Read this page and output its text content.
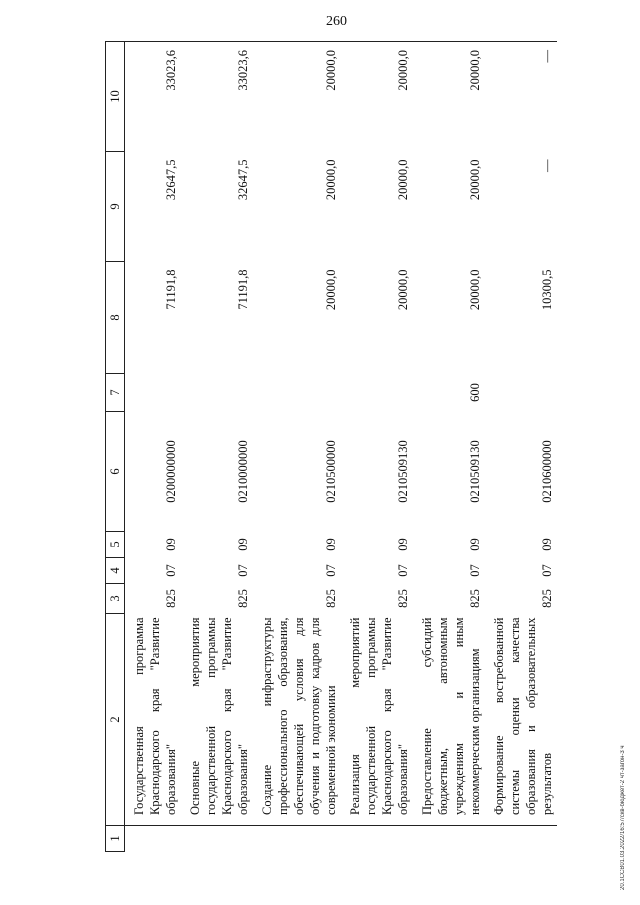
260
20.1ССВ01.03.2022/16:57/скв-бюджет-2 чт-загон-3 ч
1	2	3	4	5	6	7	8	9	10
	Государственная программа Краснодарского края "Развитие образования"	825	07	09	0200000000		71191,8	32647,5	33023,6
	Основные мероприятия государственной программы Краснодарского края "Развитие образования"	825	07	09	0210000000		71191,8	32647,5	33023,6
	Создание инфраструктуры профессионального образования, обеспечивающей условия для обучения и подготовку кадров для современной экономики	825	07	09	0210500000		20000,0	20000,0	20000,0
	Реализация мероприятий государственной программы Краснодарского края "Развитие образования"	825	07	09	0210509130		20000,0	20000,0	20000,0
	Предоставление субсидий бюджетным, автономным учреждениям и иным некоммерческим организациям	825	07	09	0210509130	600	20000,0	20000,0	20000,0
	Формирование востребованной системы оценки качества образования и образовательных результатов	825	07	09	0210600000		10300,5	—	—
